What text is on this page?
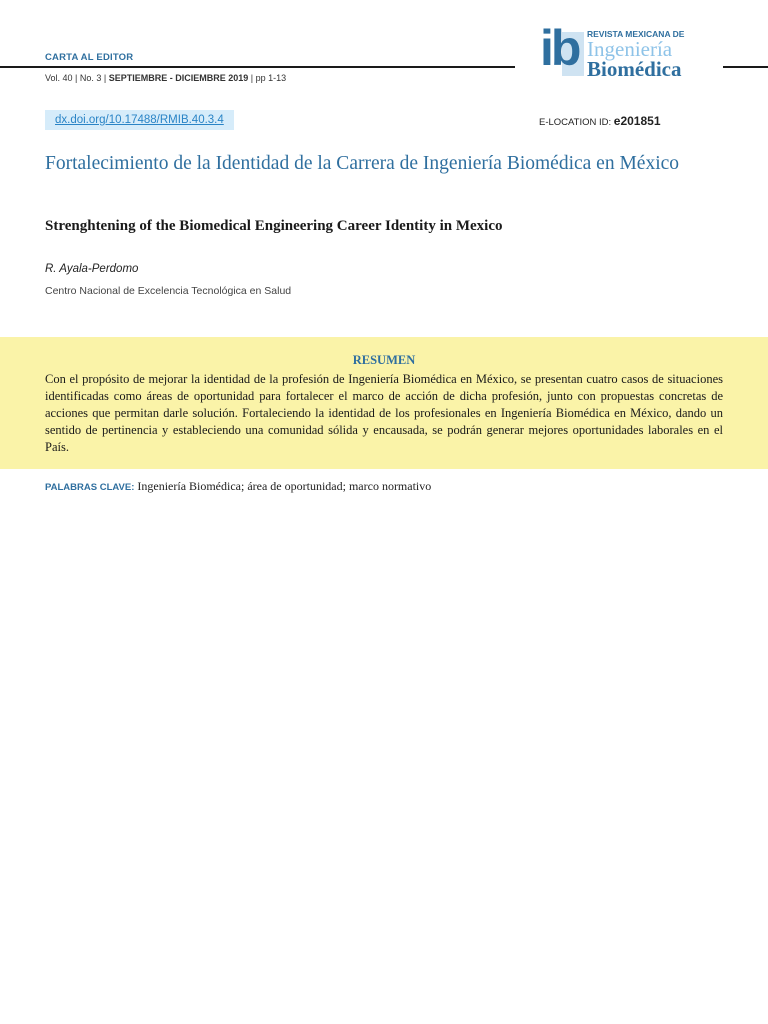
CARTA AL EDITOR
Vol. 40 | No. 3 | SEPTIEMBRE - DICIEMBRE 2019 | pp 1-13
ib REVISTA MEXICANA DE
Ingeniería
Biomédica
dx.doi.org/10.17488/RMIB.40.3.4	E-LOCATION ID: e201851
Fortalecimiento de la Identidad de la Carrera de Ingeniería Biomédica en México
Strenghtening of the Biomedical Engineering Career Identity in Mexico
R. Ayala-Perdomo
Centro Nacional de Excelencia Tecnológica en Salud
RESUMEN

Con el propósito de mejorar la identidad de la profesión de Ingeniería Biomédica en México, se presentan cuatro casos de situaciones identificadas como áreas de oportunidad para fortalecer el marco de acción de dicha profesión, junto con propuestas concretas de acciones que permitan darle solución. Fortaleciendo la identidad de los profesionales en Ingeniería Biomédica en México, dando un sentido de pertinencia y estableciendo una comunidad sólida y encausada, se podrán generar mejores oportunidades laborales en el País.

PALABRAS CLAVE: Ingeniería Biomédica; área de oportunidad; marco normativo
